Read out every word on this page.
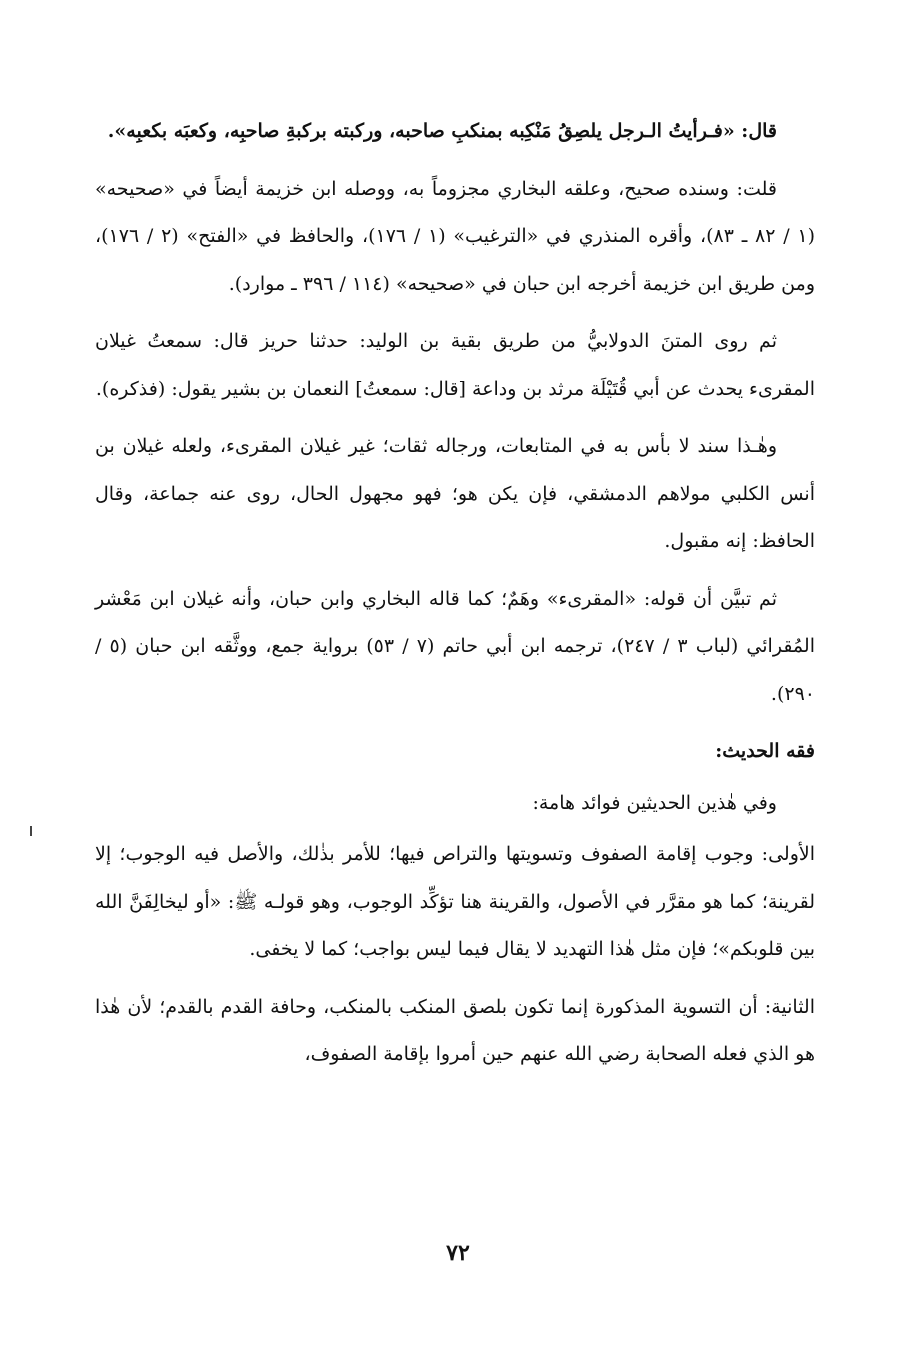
قال: «فـرأيتُ الـرجل يلصِقُ مَنْكِبه بمنكبِ صاحبه، وركبته بركبةِ صاحبِه، وكعبَه بكعبِه».

قلت: وسنده صحيح، وعلقه البخاري مجزوماً به، ووصله ابن خزيمة أيضاً في «صحيحه» (١ / ٨٢ ـ ٨٣)، وأقره المنذري في «الترغيب» (١ / ١٧٦)، والحافظ في «الفتح» (٢ / ١٧٦)، ومن طريق ابن خزيمة أخرجه ابن حبان في «صحيحه» (١١٤ / ٣٩٦ ـ موارد).

ثم روى المتنَ الدولابيُّ من طريق بقية بن الوليد: حدثنا حريز قال: سمعتُ غيلان المقرىء يحدث عن أبي قُتَيْلَة مرثد بن وداعة [قال: سمعتُ] النعمان بن بشير يقول: (فذكره).

وهٰـذا سند لا بأس به في المتابعات، ورجاله ثقات؛ غير غيلان المقرىء، ولعله غيلان بن أنس الكلبي مولاهم الدمشقي، فإن يكن هو؛ فهو مجهول الحال، روى عنه جماعة، وقال الحافظ: إنه مقبول.

ثم تبيَّن أن قوله: «المقرىء» وهَمٌ؛ كما قاله البخاري وابن حبان، وأنه غيلان ابن مَعْشر المُقرائي (لباب ٣ / ٢٤٧)، ترجمه ابن أبي حاتم (٧ / ٥٣) برواية جمع، ووثَّقه ابن حبان (٥ / ٢٩٠).

فقه الحديث:

وفي هٰذين الحديثين فوائد هامة:

الأولى: وجوب إقامة الصفوف وتسويتها والتراص فيها؛ للأمر بذٰلك، والأصل فيه الوجوب؛ إلا لقرينة؛ كما هو مقرَّر في الأصول، والقرينة هنا تؤكِّد الوجوب، وهو قولـه ﷺ: «أو ليخالِفَنَّ الله بين قلوبكم»؛ فإن مثل هٰذا التهديد لا يقال فيما ليس بواجب؛ كما لا يخفى.

الثانية: أن التسوية المذكورة إنما تكون بلصق المنكب بالمنكب، وحافة القدم بالقدم؛ لأن هٰذا هو الذي فعله الصحابة رضي الله عنهم حين أمروا بإقامة الصفوف،

٧٢
